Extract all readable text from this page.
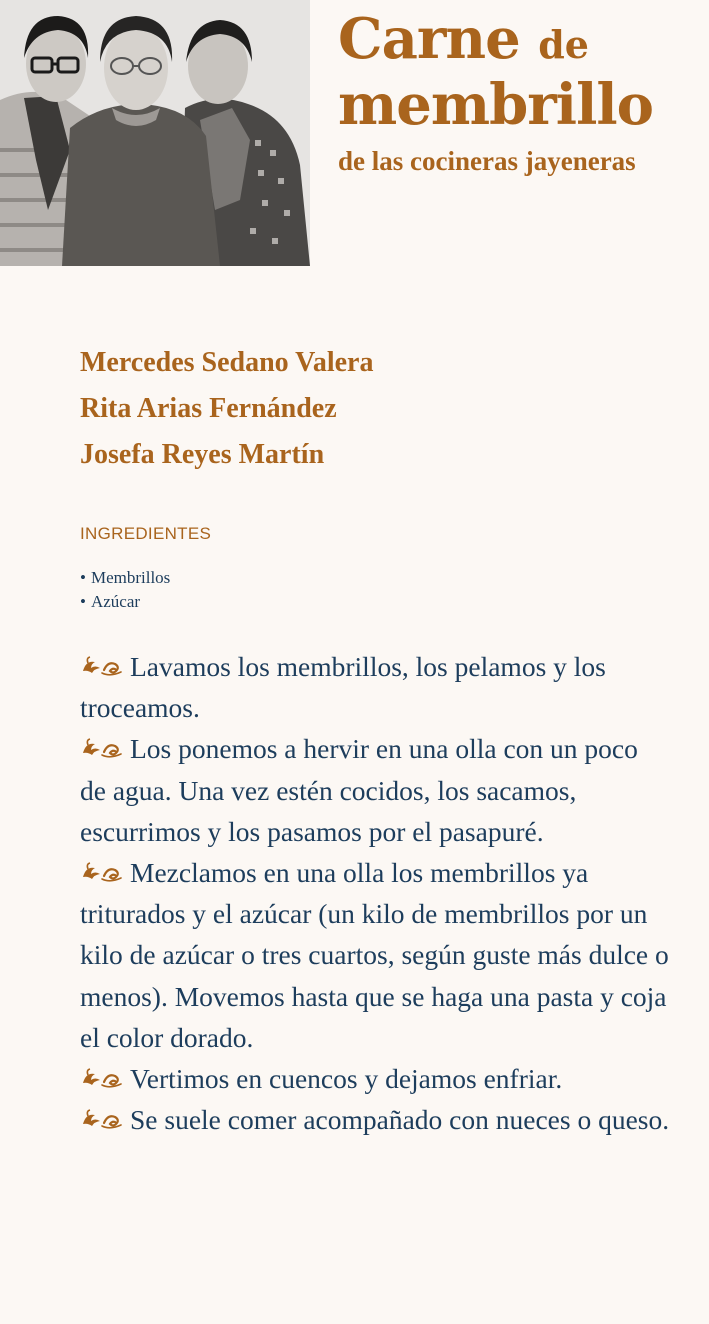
Carne de
membrillo
de las cocineras jayeneras
Mercedes Sedano Valera
Rita Arias Fernández
Josefa Reyes Martín
INGREDIENTES
• Membrillos
• Azúcar
Lavamos los membrillos, los pelamos y los troceamos.
Los ponemos a hervir en una olla con un poco de agua. Una vez estén cocidos, los sacamos, escurrimos y los pasamos por el pasapuré.
Mezclamos en una olla los membrillos ya triturados y el azúcar (un kilo de membrillos por un kilo de azúcar o tres cuartos, según guste más dulce o menos). Movemos hasta que se haga una pasta y coja el color dorado.
Vertimos en cuencos y dejamos enfriar.
Se suele comer acompañado con nueces o queso.
